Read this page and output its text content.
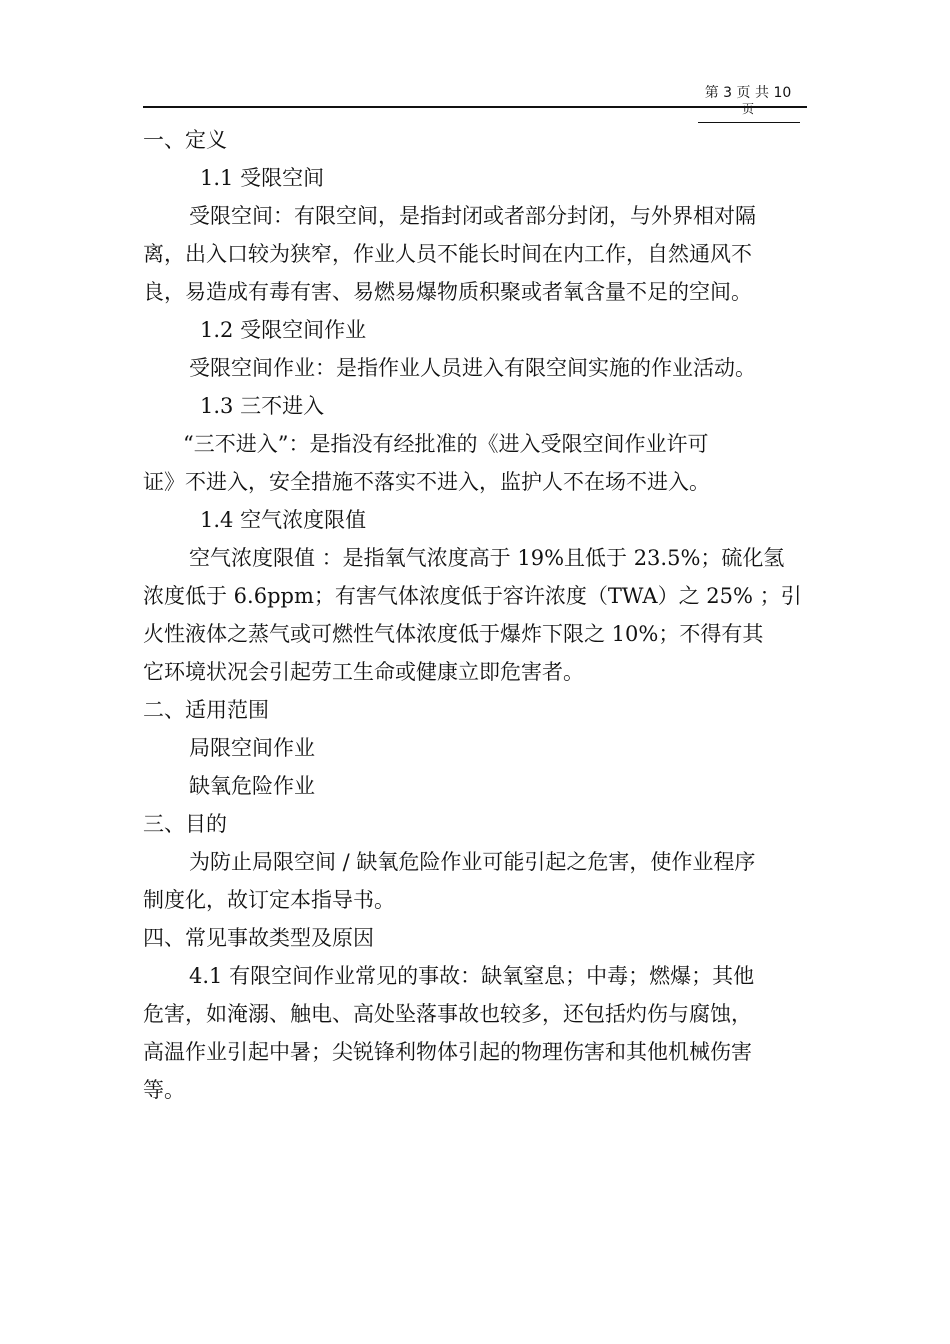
第 3 页 共 10
页
一、定义
1.1 受限空间
受限空间：有限空间，是指封闭或者部分封闭，与外界相对隔
离，出入口较为狭窄，作业人员不能长时间在内工作，自然通风不
良，易造成有毒有害、易燃易爆物质积聚或者氧含量不足的空间。
1.2 受限空间作业
受限空间作业：是指作业人员进入有限空间实施的作业活动。
1.3 三不进入
“三不进入”：是指没有经批准的《进入受限空间作业许可
证》不进入，安全措施不落实不进入，监护人不在场不进入。
1.4 空气浓度限值
空气浓度限值 ：是指氧气浓度高于 19%且低于 23.5%；硫化氢
浓度低于 6.6ppm；有害气体浓度低于容许浓度（TWA）之 25% ；引
火性液体之蒸气或可燃性气体浓度低于爆炸下限之 10%；不得有其
它环境状况会引起劳工生命或健康立即危害者。
二、适用范围
局限空间作业
缺氧危险作业
三、目的
为防止局限空间 / 缺氧危险作业可能引起之危害，使作业程序
制度化，故订定本指导书。
四、常见事故类型及原因
4.1 有限空间作业常见的事故：缺氧窒息；中毒；燃爆；其他
危害，如淹溺、触电、高处坠落事故也较多，还包括灼伤与腐蚀，
高温作业引起中暑；尖锐锋利物体引起的物理伤害和其他机械伤害
等。
